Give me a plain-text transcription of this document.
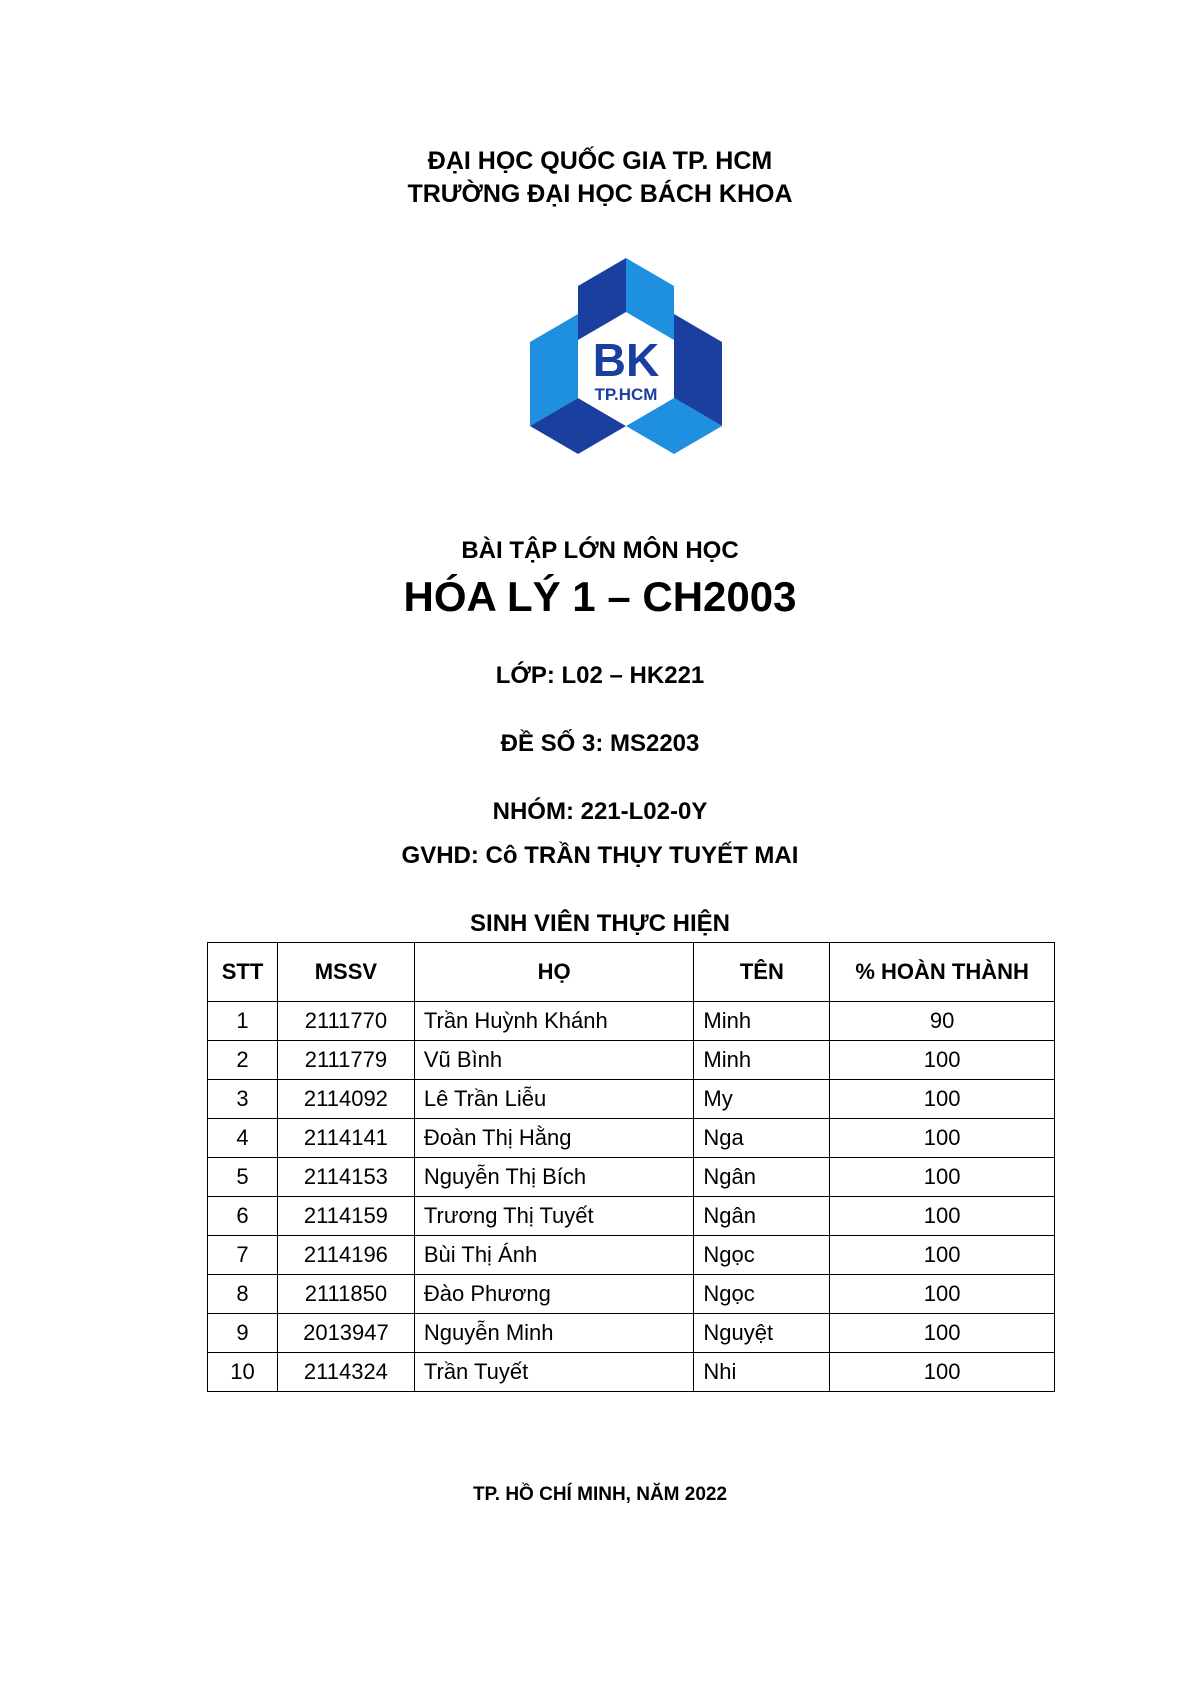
ĐẠI HỌC QUỐC GIA TP. HCM
TRƯỜNG ĐẠI HỌC BÁCH KHOA
BK
TP.HCM
BÀI TẬP LỚN MÔN HỌC
HÓA LÝ 1 – CH2003
LỚP: L02 – HK221
ĐỀ SỐ 3: MS2203
NHÓM: 221-L02-0Y
GVHD: Cô TRẦN THỤY TUYẾT MAI
SINH VIÊN THỰC HIỆN
STT	MSSV	HỌ	TÊN	% HOÀN THÀNH
1	2111770	Trần Huỳnh Khánh	Minh	90
2	2111779	Vũ Bình	Minh	100
3	2114092	Lê Trần Liễu	My	100
4	2114141	Đoàn Thị Hằng	Nga	100
5	2114153	Nguyễn Thị Bích	Ngân	100
6	2114159	Trương Thị Tuyết	Ngân	100
7	2114196	Bùi Thị Ánh	Ngọc	100
8	2111850	Đào Phương	Ngọc	100
9	2013947	Nguyễn Minh	Nguyệt	100
10	2114324	Trần Tuyết	Nhi	100
TP. HỒ CHÍ MINH, NĂM 2022
